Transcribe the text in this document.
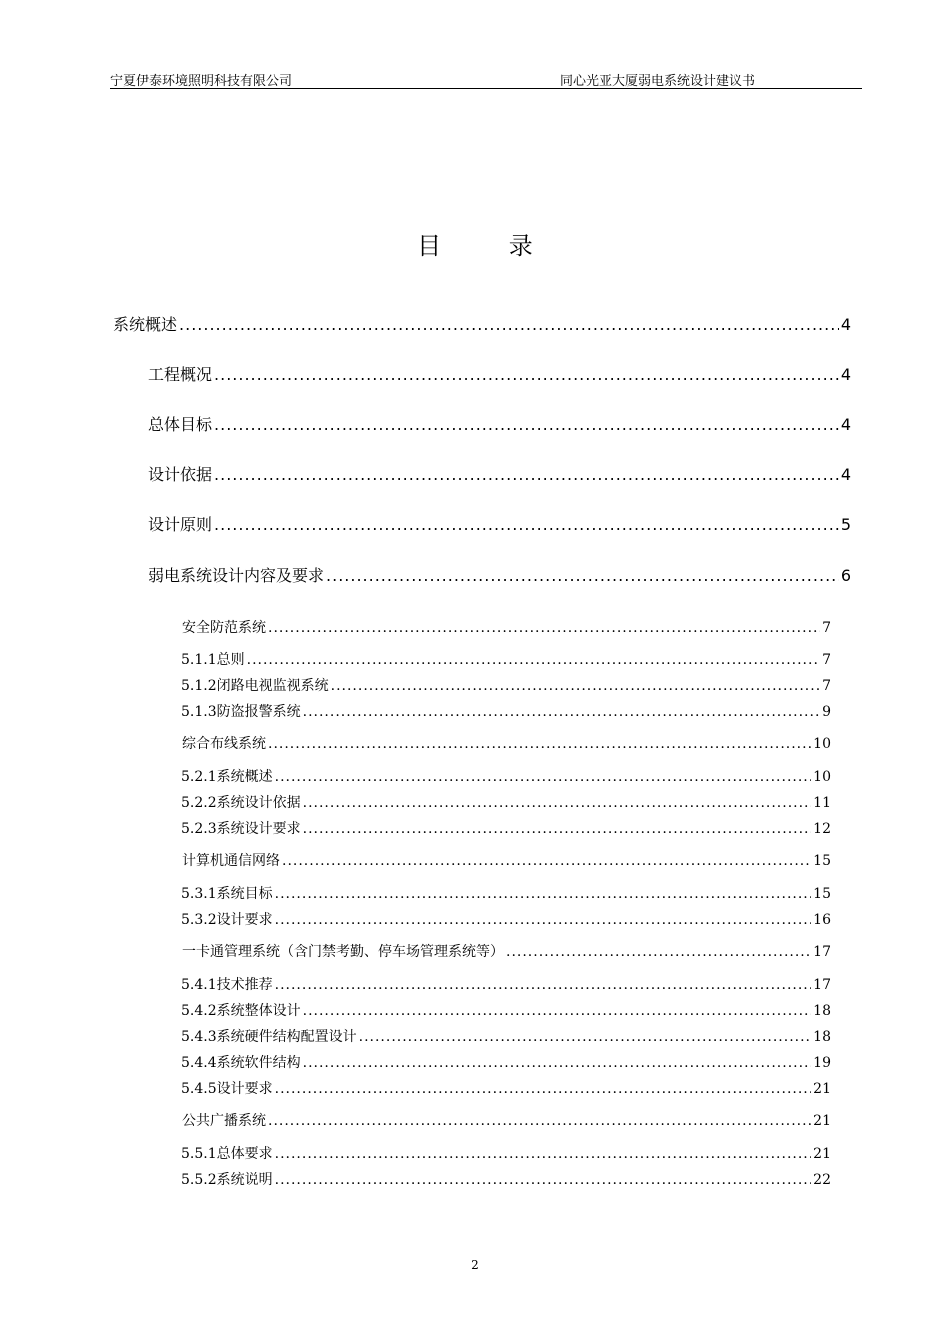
宁夏伊泰环境照明科技有限公司	同心光亚大厦弱电系统设计建议书
目 录
系统概述 .....	4
工程概况 .....	4
总体目标 .....	4
设计依据 .....	4
设计原则 .....	5
弱电系统设计内容及要求 .....	6
安全防范系统 .....	7
5.1.1 总则 .....	7
5.1.2 闭路电视监视系统 .....	7
5.1.3 防盗报警系统 .....	9
综合布线系统 .....	10
5.2.1 系统概述 .....	10
5.2.2 系统设计依据 .....	11
5.2.3 系统设计要求 .....	12
计算机通信网络 .....	15
5.3.1 系统目标 .....	15
5.3.2 设计要求 .....	16
一卡通管理系统（含门禁考勤、停车场管理系统等） .....	17
5.4.1 技术推荐 .....	17
5.4.2 系统整体设计 .....	18
5.4.3 系统硬件结构配置设计 .....	18
5.4.4 系统软件结构 .....	19
5.4.5 设计要求 .....	21
公共广播系统 .....	21
5.5.1 总体要求 .....	21
5.5.2 系统说明 .....	22
2
